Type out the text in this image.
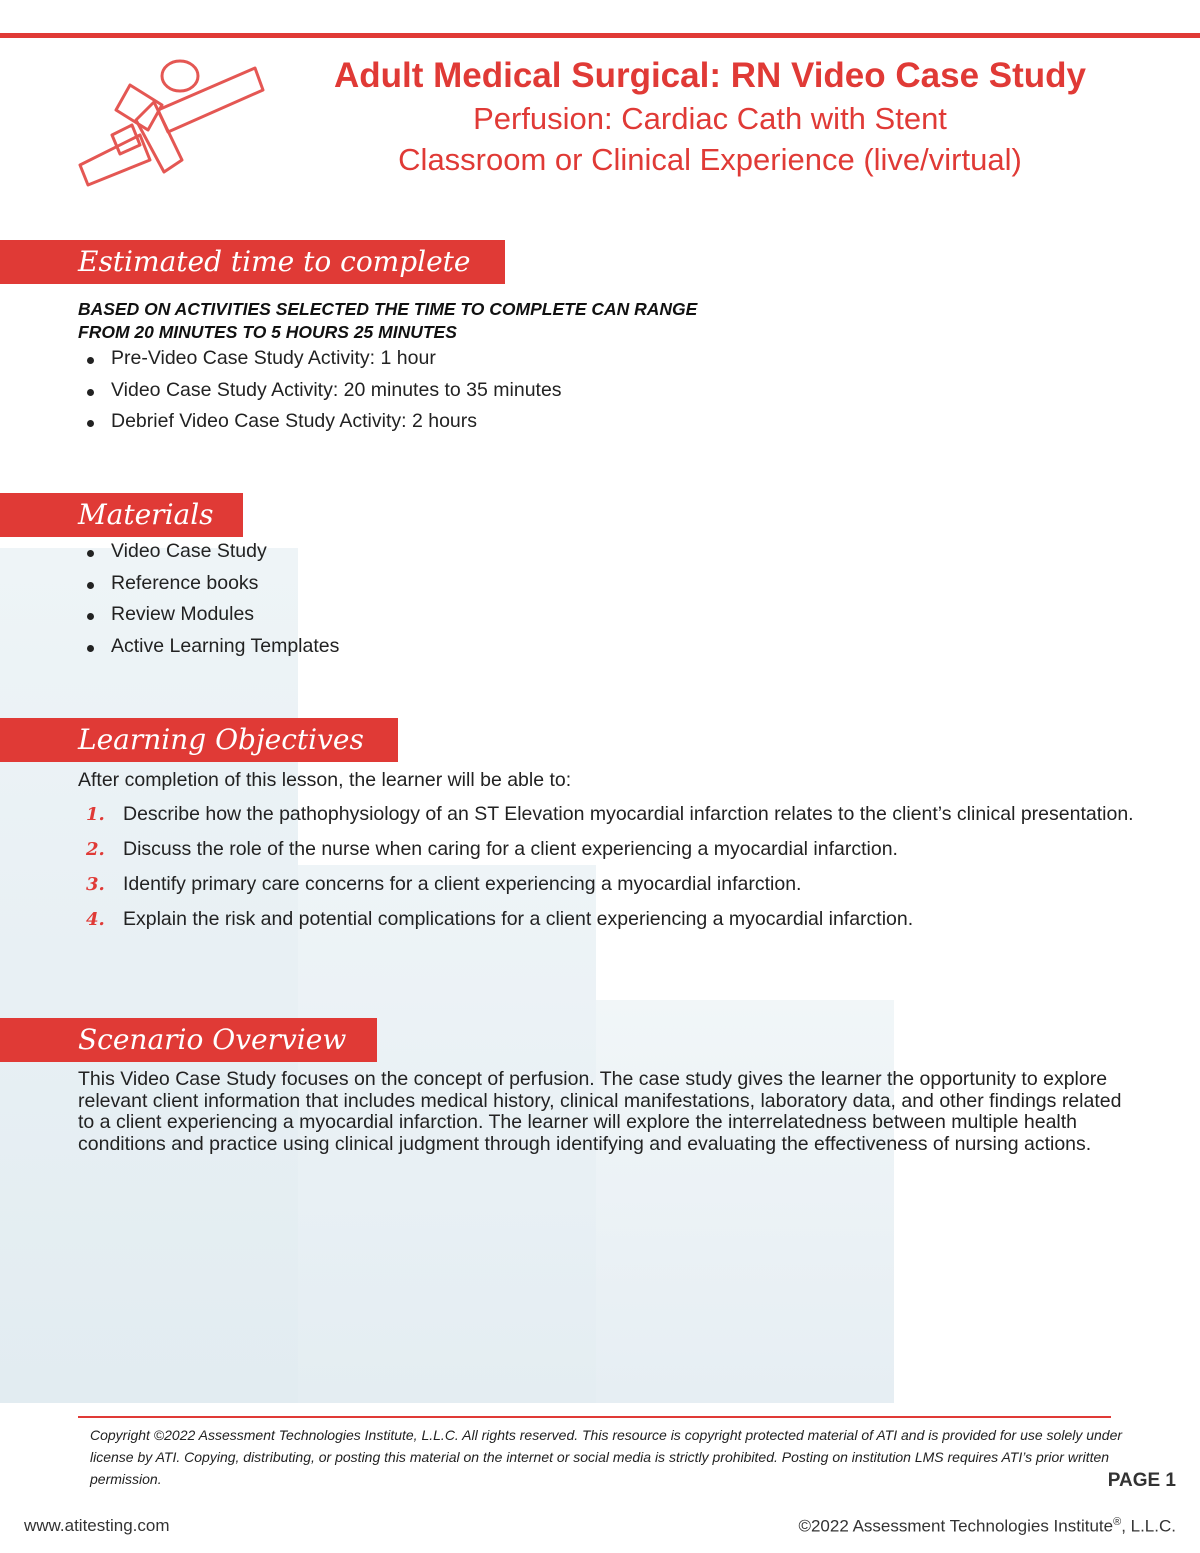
Adult Medical Surgical: RN Video Case Study
Perfusion: Cardiac Cath with Stent
Classroom or Clinical Experience (live/virtual)
Estimated time to complete
BASED ON ACTIVITIES SELECTED THE TIME TO COMPLETE CAN RANGE
FROM 20 MINUTES TO 5 HOURS 25 MINUTES
Pre-Video Case Study Activity: 1 hour
Video Case Study Activity: 20 minutes to 35 minutes
Debrief Video Case Study Activity: 2 hours
Materials
Video Case Study
Reference books
Review Modules
Active Learning Templates
Learning Objectives
After completion of this lesson, the learner will be able to:
1. Describe how the pathophysiology of an ST Elevation myocardial infarction relates to the client’s clinical presentation.
2. Discuss the role of the nurse when caring for a client experiencing a myocardial infarction.
3. Identify primary care concerns for a client experiencing a myocardial infarction.
4. Explain the risk and potential complications for a client experiencing a myocardial infarction.
Scenario Overview

This Video Case Study focuses on the concept of perfusion. The case study gives the learner the opportunity to explore relevant client information that includes medical history, clinical manifestations, laboratory data, and other findings related to a client experiencing a myocardial infarction. The learner will explore the interrelatedness between multiple health conditions and practice using clinical judgment through identifying and evaluating the effectiveness of nursing actions.

Copyright ©2022 Assessment Technologies Institute, L.L.C. All rights reserved. This resource is copyright protected material of ATI and is provided for use solely under license by ATI. Copying, distributing, or posting this material on the internet or social media is strictly prohibited. Posting on institution LMS requires ATI’s prior written permission.	PAGE 1
www.atitesting.com	©2022 Assessment Technologies Institute®, L.L.C.
